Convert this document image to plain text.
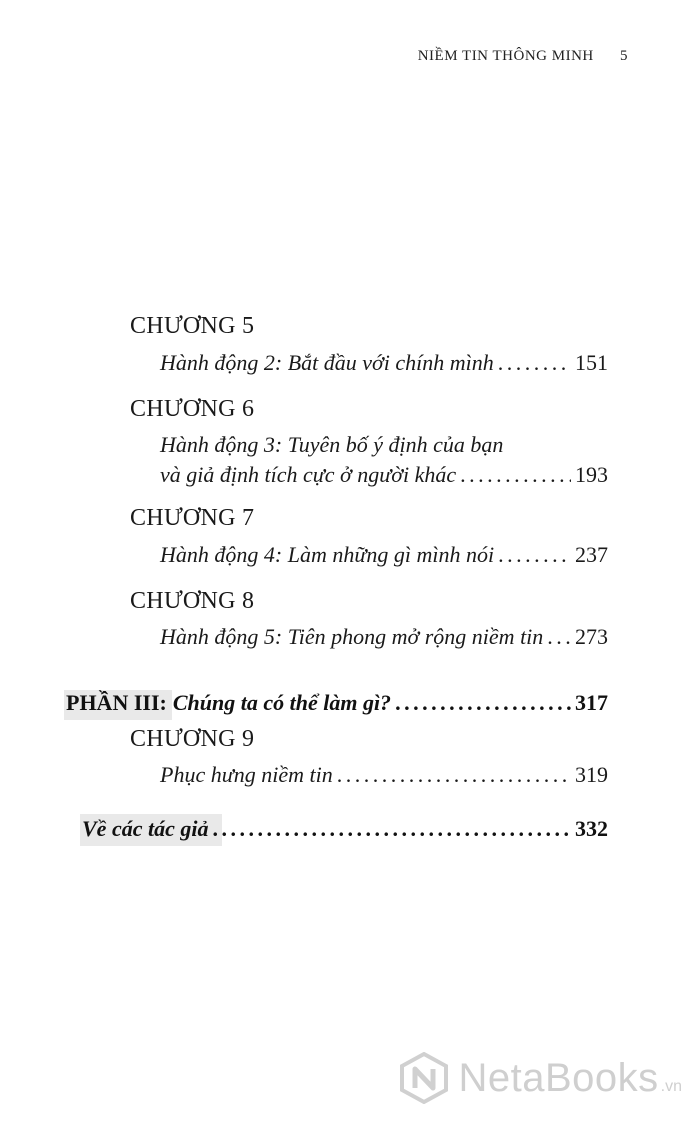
NIỀM TIN THÔNG MINH 5
CHƯƠNG 5
Hành động 2: Bắt đầu với chính mình . . .	151
CHƯƠNG 6
Hành động 3: Tuyên bố ý định của bạn
và giả định tích cực ở người khác . . .	193
CHƯƠNG 7
Hành động 4: Làm những gì mình nói . . .	237
CHƯƠNG 8
Hành động 5: Tiên phong mở rộng niềm tin . . . 273
PHẦN III: Chúng ta có thể làm gì? . . .	317
CHƯƠNG 9
Phục hưng niềm tin . . .	319
Về các tác giả . . .	332
NetaBooks .vn
